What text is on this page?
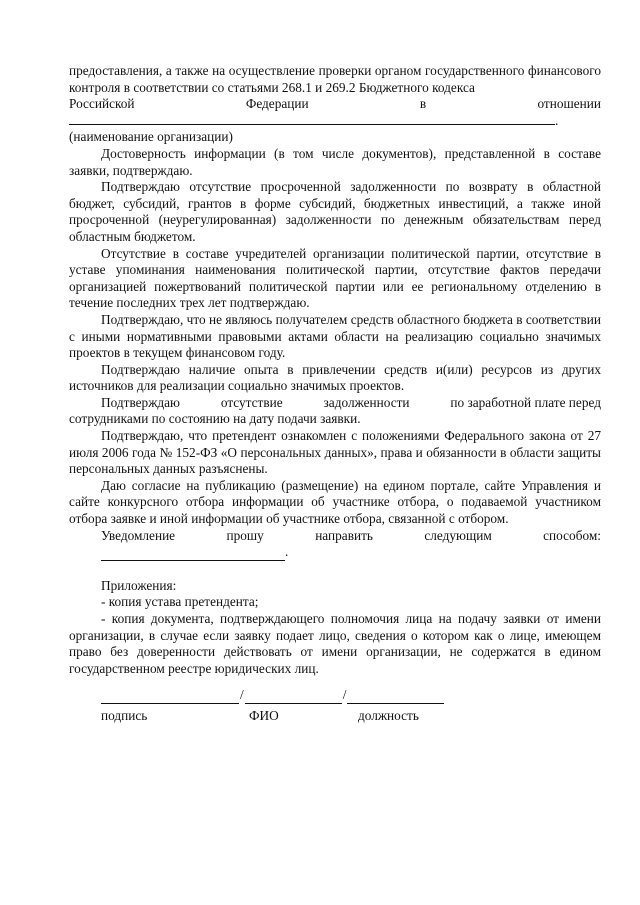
предоставления, а также на осуществление проверки органом государственного финансового контроля в соответствии со статьями 268.1 и 269.2 Бюджетного кодекса

Российской	Федерации	в	отношении
.

(наименование организации)

Достоверность информации (в том числе документов), представленной в составе заявки, подтверждаю.

Подтверждаю отсутствие просроченной задолженности по возврату в областной бюджет, субсидий, грантов в форме субсидий, бюджетных инвестиций, а также иной просроченной (неурегулированная) задолженности по денежным обязательствам перед областным бюджетом.

Отсутствие в составе учредителей организации политической партии, отсутствие в уставе упоминания наименования политической партии, отсутствие фактов передачи организацией пожертвований политической партии или ее региональному отделению в течение последних трех лет подтверждаю.

Подтверждаю, что не являюсь получателем средств областного бюджета в соответствии с иными нормативными правовыми актами области на реализацию социально значимых проектов в текущем финансовом году.

Подтверждаю наличие опыта в привлечении средств и(или) ресурсов из других источников для реализации социально значимых проектов.

Подтверждаю	отсутствие	задолженности	по заработной плате перед

сотрудниками по состоянию на дату подачи заявки.

Подтверждаю, что претендент ознакомлен с положениями Федерального закона от 27 июля 2006 года № 152-ФЗ «О персональных данных», права и обязанности в области защиты персональных данных разъяснены.

Даю согласие на публикацию (размещение) на едином портале, сайте Управления и сайте конкурсного отбора информации об участнике отбора, о подаваемой участником отбора заявке и иной информации об участнике отбора, связанной с отбором.

Уведомление	прошу	направить	следующим	способом:
.

Приложения:

- копия устава претендента;

- копия документа, подтверждающего полномочия лица на подачу заявки от имени организации, в случае если заявку подает лицо, сведения о котором как о лице, имеющем право без доверенности действовать от имени организации, не содержатся в едином государственном реестре юридических лиц.

/	/
подпись	ФИО	должность
